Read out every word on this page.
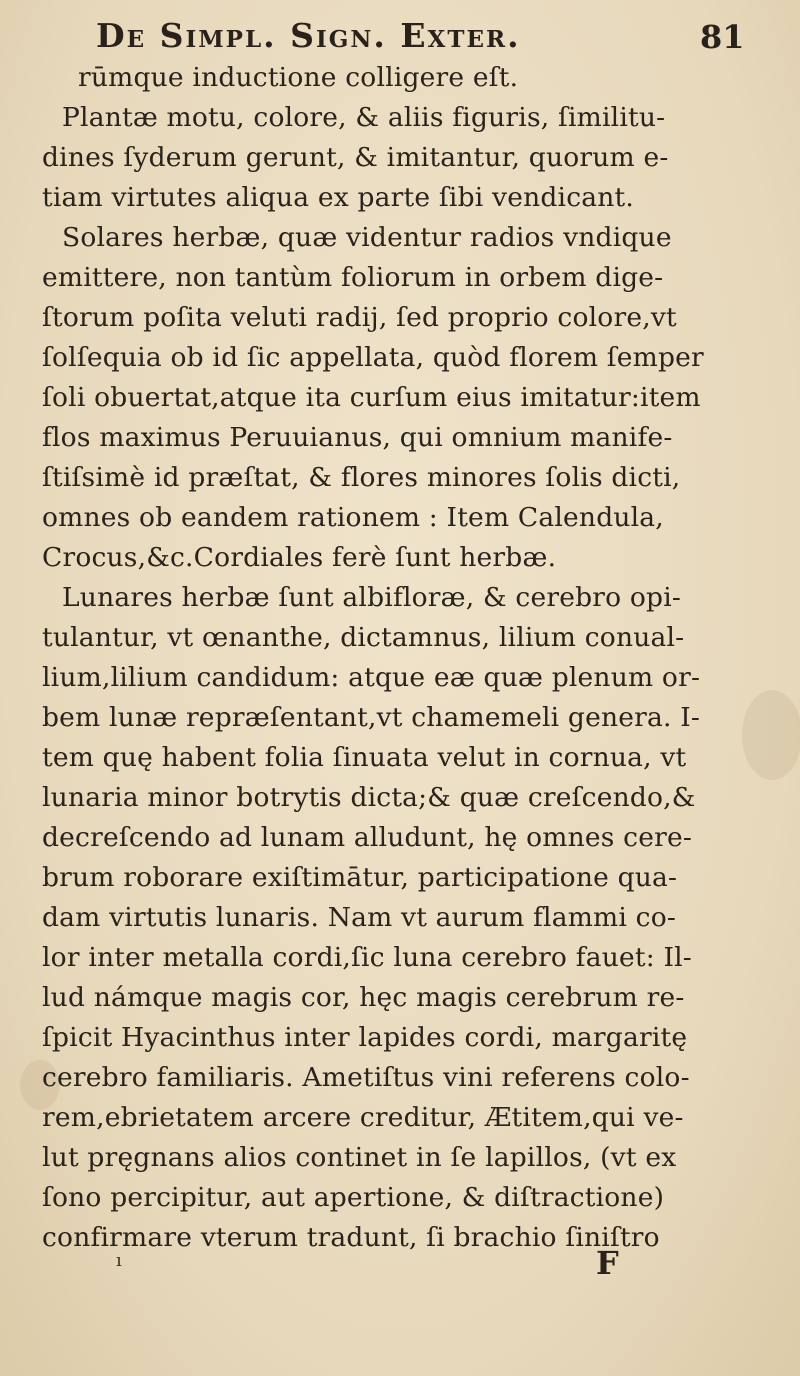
De Simpl. Sign. Exter.	81
rūmque inductione colligere eſt.
Plantæ motu, colore, & aliis figuris, ſimilitu-
dines ſyderum gerunt, & imitantur, quorum e-
tiam virtutes aliqua ex parte ſibi vendicant.
Solares herbæ, quæ videntur radios vndique
emittere, non tantùm foliorum in orbem dige-
ſtorum poſita veluti radij, ſed proprio colore,vt
ſolſequia ob id ſic appellata, quòd florem ſemper
ſoli obuertat,atque ita curſum eius imitatur:item
flos maximus Peruuianus, qui omnium manife-
ſtiſsimè id præſtat, & flores minores ſolis dicti,
omnes ob eandem rationem : Item Calendula,
Crocus,&c.Cordiales ferè ſunt herbæ.
Lunares herbæ ſunt albifloræ, & cerebro opi-
tulantur, vt œnanthe, dictamnus, lilium conual-
lium,lilium candidum: atque eæ quæ plenum or-
bem lunæ repræſentant,vt chamemeli genera. I-
tem quę habent folia ſinuata velut in cornua, vt
lunaria minor botrytis dicta;& quæ creſcendo,&
decreſcendo ad lunam alludunt, hę omnes cere-
brum roborare exiſtimātur, participatione qua-
dam virtutis lunaris. Nam vt aurum flammi co-
lor inter metalla cordi,ſic luna cerebro fauet: Il-
lud námque magis cor, hęc magis cerebrum re-
ſpicit Hyacinthus inter lapides cordi, margaritę
cerebro familiaris. Ametiſtus vini referens colo-
rem,ebrietatem arcere creditur, Ætitem,qui ve-
lut pręgnans alios continet in ſe lapillos, (vt ex
ſono percipitur, aut apertione, & diſtractione)
confirmare vterum tradunt, ſi brachio ſiniſtro
ı	F
